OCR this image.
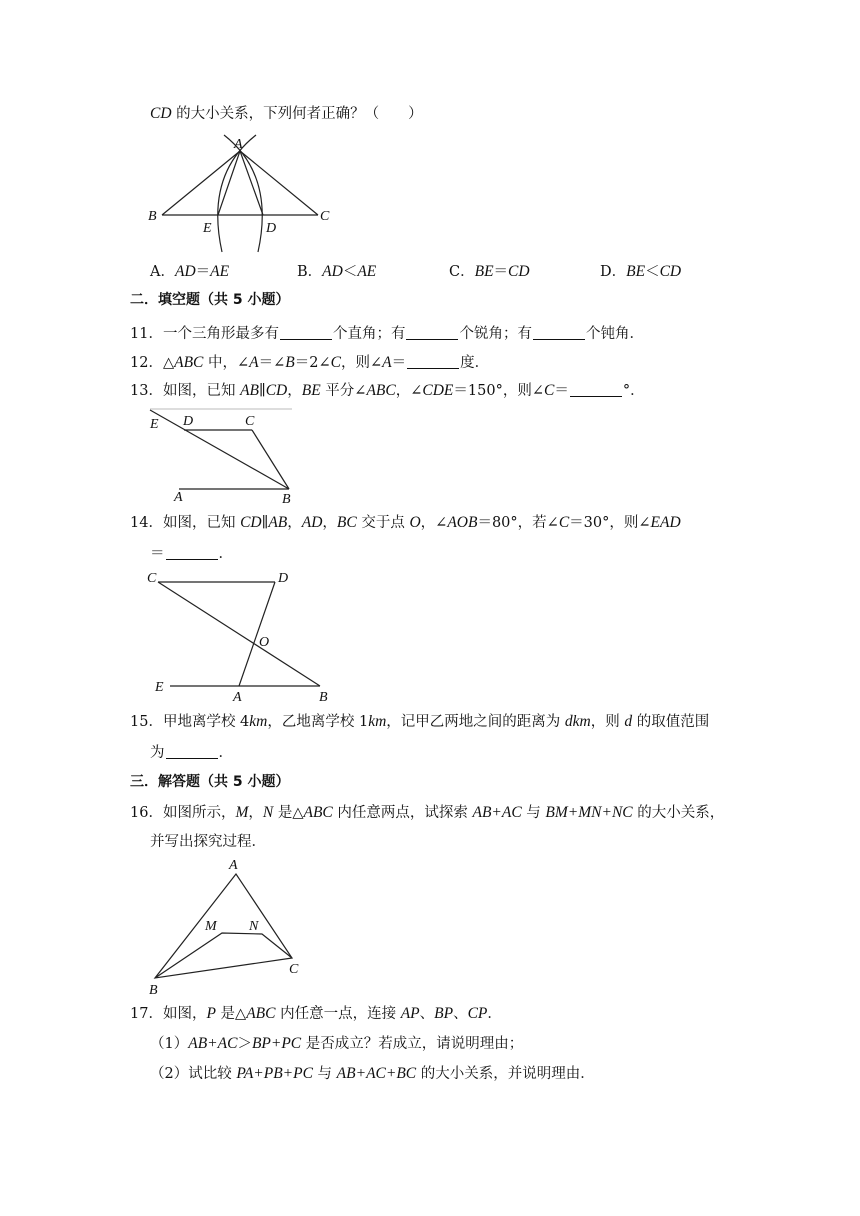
CD 的大小关系，下列何者正确？（　　）
A
B	C
D
E
E D	C
A	B
C	D
O
E
A	B
A
B
C
M N
A．AD＝AE	B．AD＜AE	C．BE＝CD	D．BE＜CD
二．填空题（共 5 小题）
11．一个三角形最多有	个直角；有	个锐角；有	个钝角．
12．△ABC 中，∠A＝∠B＝2∠C，则∠A＝	度．
13．如图，已知 AB∥CD，BE 平分∠ABC，∠CDE＝150°，则∠C＝	°．
14．如图，已知 CD∥AB，AD，BC 交于点 O，∠AOB＝80°，若∠C＝30°，则∠EAD
＝	．
15．甲地离学校 4km，乙地离学校 1km，记甲乙两地之间的距离为 dkm，则 d 的取值范围
为	．
三．解答题（共 5 小题）
16．如图所示，M，N 是△ABC 内任意两点，试探索 AB+AC 与 BM+MN+NC 的大小关系，
并写出探究过程．
17．如图，P 是△ABC 内任意一点，连接 AP、BP、CP．
（1）AB+AC＞BP+PC 是否成立？若成立，请说明理由；
（2）试比较 PA+PB+PC 与 AB+AC+BC 的大小关系，并说明理由．
